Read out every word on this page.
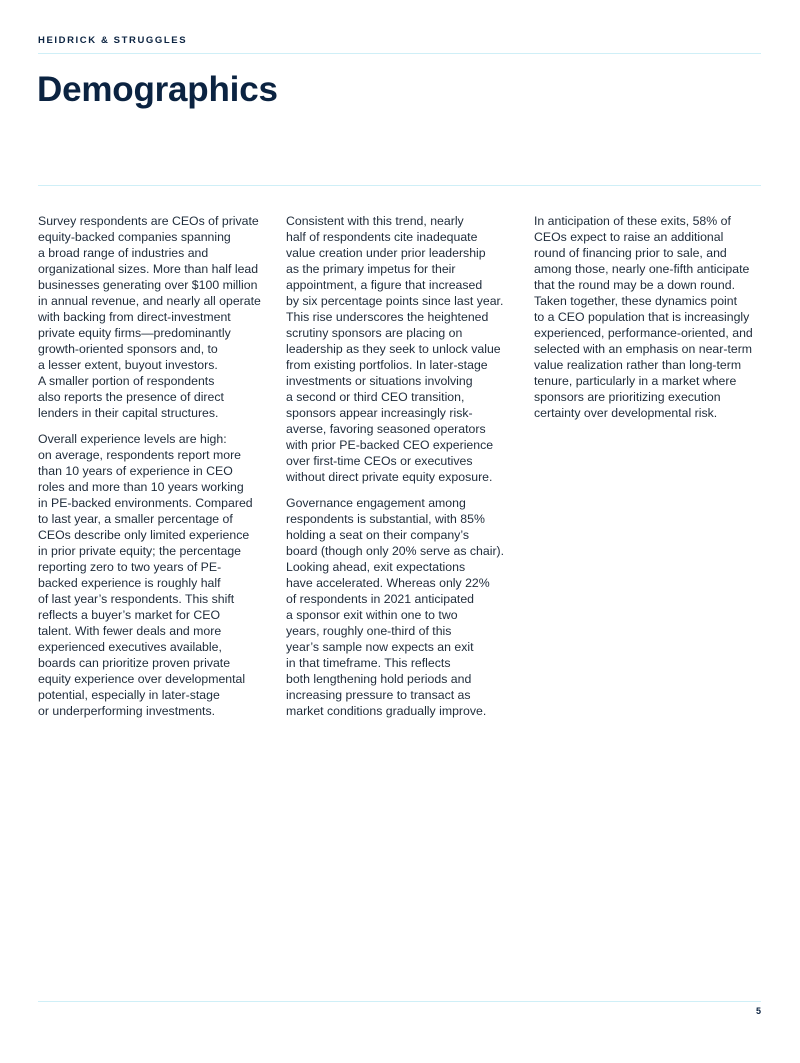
HEIDRICK & STRUGGLES
Demographics

Survey respondents are CEOs of private
equity-backed companies spanning
a broad range of industries and
organizational sizes. More than half lead
businesses generating over $100 million
in annual revenue, and nearly all operate
with backing from direct-investment
private equity firms—predominantly
growth-oriented sponsors and, to
a lesser extent, buyout investors.
A smaller portion of respondents
also reports the presence of direct
lenders in their capital structures.

Overall experience levels are high:
on average, respondents report more
than 10 years of experience in CEO
roles and more than 10 years working
in PE-backed environments. Compared
to last year, a smaller percentage of
CEOs describe only limited experience
in prior private equity; the percentage
reporting zero to two years of PE-
backed experience is roughly half
of last year’s respondents. This shift
reflects a buyer’s market for CEO
talent. With fewer deals and more
experienced executives available,
boards can prioritize proven private
equity experience over developmental
potential, especially in later-stage
or underperforming investments.

Consistent with this trend, nearly
half of respondents cite inadequate
value creation under prior leadership
as the primary impetus for their
appointment, a figure that increased
by six percentage points since last year.
This rise underscores the heightened
scrutiny sponsors are placing on
leadership as they seek to unlock value
from existing portfolios. In later-stage
investments or situations involving
a second or third CEO transition,
sponsors appear increasingly risk-
averse, favoring seasoned operators
with prior PE-backed CEO experience
over first-time CEOs or executives
without direct private equity exposure.

Governance engagement among
respondents is substantial, with 85%
holding a seat on their company’s
board (though only 20% serve as chair).
Looking ahead, exit expectations
have accelerated. Whereas only 22%
of respondents in 2021 anticipated
a sponsor exit within one to two
years, roughly one-third of this
year’s sample now expects an exit
in that timeframe. This reflects
both lengthening hold periods and
increasing pressure to transact as
market conditions gradually improve.

In anticipation of these exits, 58% of
CEOs expect to raise an additional
round of financing prior to sale, and
among those, nearly one-fifth anticipate
that the round may be a down round.
Taken together, these dynamics point
to a CEO population that is increasingly
experienced, performance-oriented, and
selected with an emphasis on near-term
value realization rather than long-term
tenure, particularly in a market where
sponsors are prioritizing execution
certainty over developmental risk.

5
